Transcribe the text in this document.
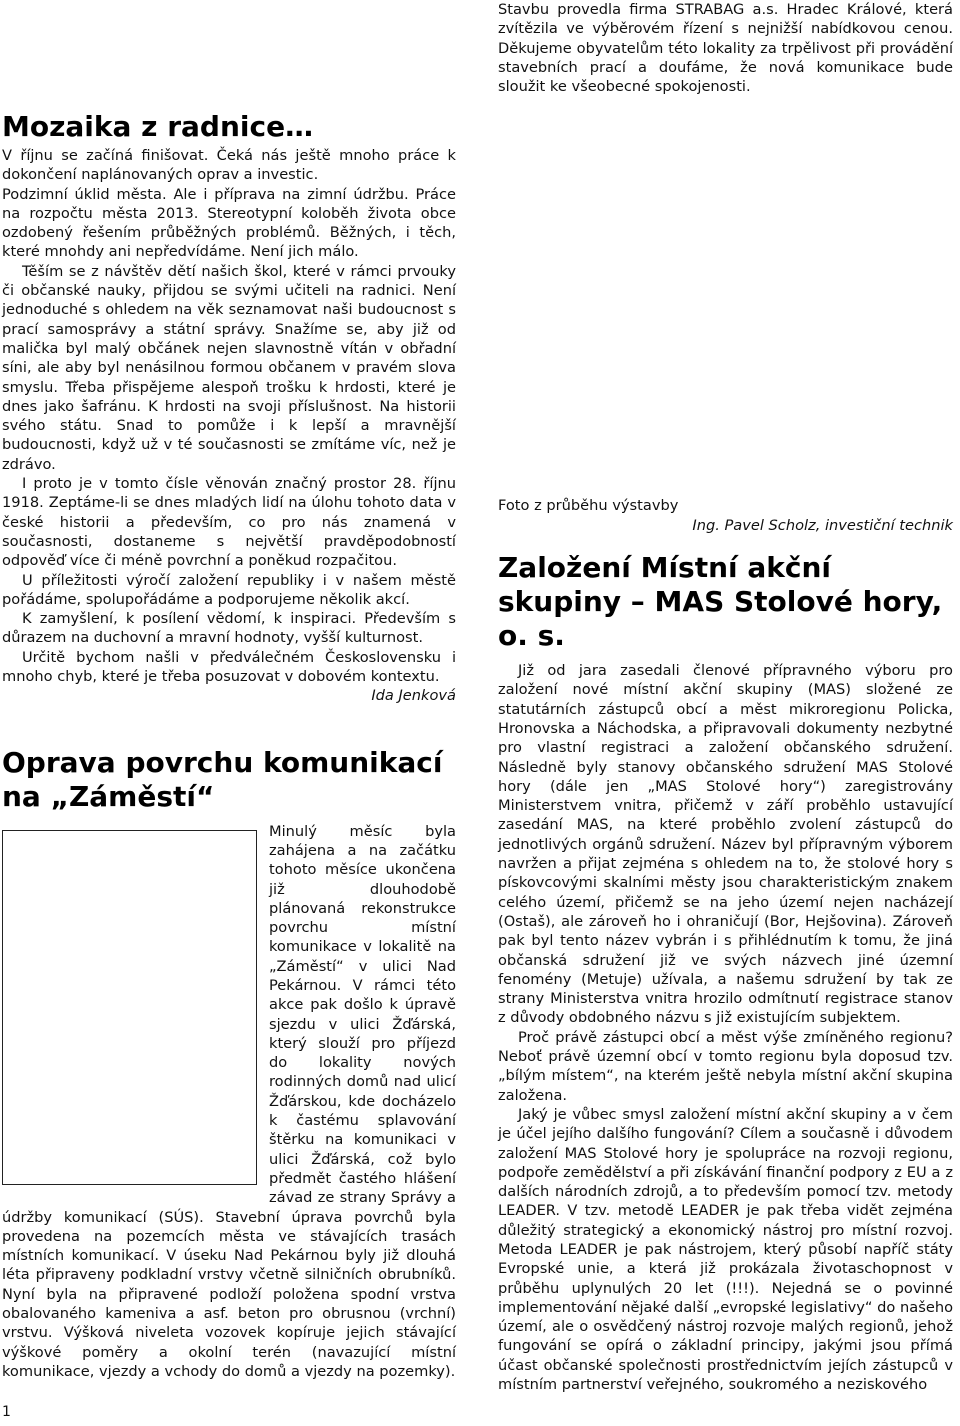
Mozaika z radnice…

V říjnu se začíná finišovat. Čeká nás ještě mnoho práce k dokončení naplánovaných oprav a investic.

Podzimní úklid města. Ale i příprava na zimní údržbu. Práce na rozpočtu města 2013. Stereotypní koloběh života obce ozdobený řešením průběžných problémů. Běžných, i těch, které mnohdy ani nepředvídáme. Není jich málo.

Těším se z návštěv dětí našich škol, které v rámci prvouky či občanské nauky, přijdou se svými učiteli na radnici. Není jednoduché s ohledem na věk seznamovat naši budoucnost s prací samosprávy a státní správy. Snažíme se, aby již od malička byl malý občánek nejen slavnostně vítán v obřadní síni, ale aby byl nenásilnou formou občanem v pravém slova smyslu. Třeba přispějeme alespoň trošku k hrdosti, které je dnes jako šafránu. K hrdosti na svoji příslušnost. Na historii svého státu. Snad to pomůže i k lepší a mravnější budoucnosti, když už v té současnosti se zmítáme víc, než je zdrávo.

I proto je v tomto čísle věnován značný prostor 28. říjnu 1918. Zeptáme-li se dnes mladých lidí na úlohu tohoto data v české historii a především, co pro nás znamená v současnosti, dostaneme s největší pravděpodobností odpověď více či méně povrchní a poněkud rozpačitou.

U příležitosti výročí založení republiky i v našem městě pořádáme, spolupořádáme a podporujeme několik akcí.

K zamyšlení, k posílení vědomí, k inspiraci. Především s důrazem na duchovní a mravní hodnoty, vyšší kulturnost.

Určitě bychom našli v předválečném Československu i mnoho chyb, které je třeba posuzovat v dobovém kontextu.

Ida Jenková

Oprava povrchu komunikací na „Záměstí“

Minulý měsíc byla zahájena a na začátku tohoto měsíce ukončena již dlouhodobě plánovaná rekonstrukce povrchu místní komunikace v lokalitě na „Záměstí“ v ulici Nad Pekárnou. V rámci této akce pak došlo k úpravě sjezdu v ulici Žďárská, který slouží pro příjezd do lokality nových rodinných domů nad ulicí Žďárskou, kde docházelo k častému splavování štěrku na komunikaci v ulici Žďárská, což bylo předmět častého hlášení závad ze strany Správy a údržby komunikací (SÚS). Stavební úprava povrchů byla provedena na pozemcích města ve stávajících trasách místních komunikací. V úseku Nad Pekárnou byly již dlouhá léta připraveny podkladní vrstvy včetně silničních obrubníků. Nyní byla na připravené podloží položena spodní vrstva obalovaného kameniva a asf. beton pro obrusnou (vrchní) vrstvu. Výšková niveleta vozovek kopíruje jejich stávající výškové poměry a okolní terén (navazující místní komunikace, vjezdy a vchody do domů a vjezdy na pozemky).

Stavbu provedla firma STRABAG a.s. Hradec Králové, která zvítězila ve výběrovém řízení s nejnižší nabídkovou cenou. Děkujeme obyvatelům této lokality za trpělivost při provádění stavebních prací a doufáme, že nová komunikace bude sloužit ke všeobecné spokojenosti.

Foto z průběhu výstavby

Ing. Pavel Scholz, investiční technik

Založení Místní akční skupiny – MAS Stolové hory, o. s.

Již od jara zasedali členové přípravného výboru pro založení nové místní akční skupiny (MAS) složené ze statutárních zástupců obcí a měst mikroregionu Policka, Hronovska a Náchodska, a připravovali dokumenty nezbytné pro vlastní registraci a založení občanského sdružení. Následně byly stanovy občanského sdružení MAS Stolové hory (dále jen „MAS Stolové hory“) zaregistrovány Ministerstvem vnitra, přičemž v září proběhlo ustavující zasedání MAS, na které proběhlo zvolení zástupců do jednotlivých orgánů sdružení. Název byl přípravným výborem navržen a přijat zejména s ohledem na to, že stolové hory s pískovcovými skalními městy jsou charakteristickým znakem celého území, přičemž se na jeho území nejen nacházejí (Ostaš), ale zároveň ho i ohraničují (Bor, Hejšovina). Zároveň pak byl tento název vybrán i s přihlédnutím k tomu, že jiná občanská sdružení již ve svých názvech jiné územní fenomény (Metuje) užívala, a našemu sdružení by tak ze strany Ministerstva vnitra hrozilo odmítnutí registrace stanov z důvody obdobného názvu s již existujícím subjektem.

Proč právě zástupci obcí a měst výše zmíněného regionu? Neboť právě územní obcí v tomto regionu byla doposud tzv. „bílým místem“, na kterém ještě nebyla místní akční skupina založena.

Jaký je vůbec smysl založení místní akční skupiny a v čem je účel jejího dalšího fungování? Cílem a současně i důvodem založení MAS Stolové hory je spolupráce na rozvoji regionu, podpoře zemědělství a při získávání finanční podpory z EU a z dalších národních zdrojů, a to především pomocí tzv. metody LEADER. V tzv. metodě LEADER je pak třeba vidět zejména důležitý strategický a ekonomický nástroj pro místní rozvoj. Metoda LEADER je pak nástrojem, který působí napříč státy Evropské unie, a která již prokázala životaschopnost v průběhu uplynulých 20 let (!!!). Nejedná se o povinné implementování nějaké další „evropské legislativy“ do našeho území, ale o osvědčený nástroj rozvoje malých regionů, jehož fungování se opírá o základní principy, jakými jsou přímá účast občanské společnosti prostřednictvím jejích zástupců v místním partnerství veřejného, soukromého a neziskového

1
